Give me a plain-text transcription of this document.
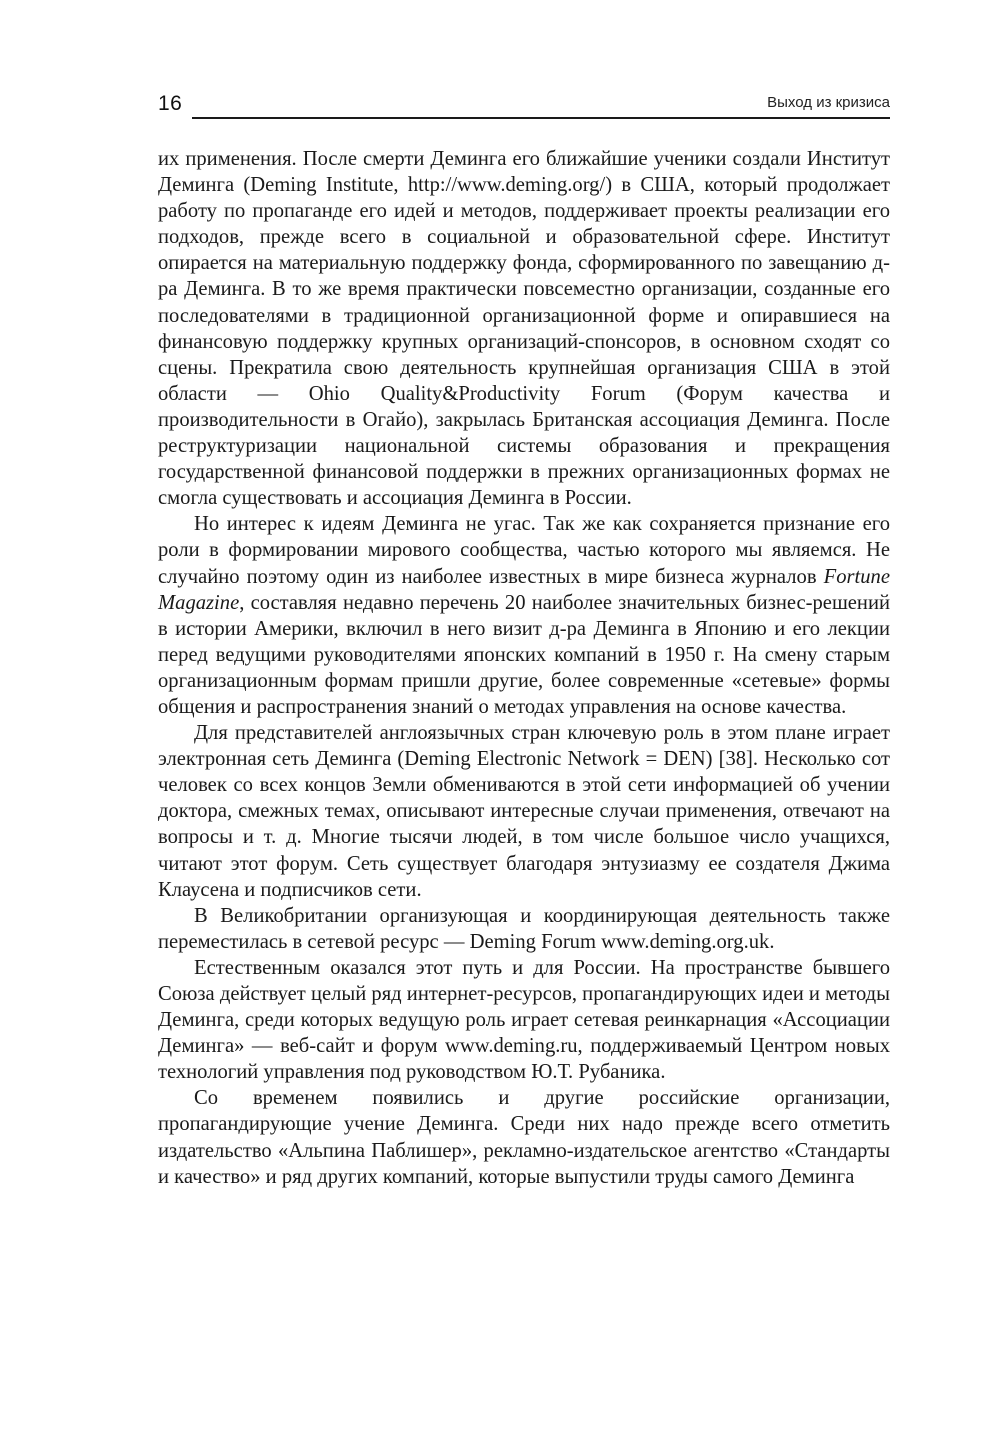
16	Выход из кризиса

их применения. После смерти Деминга его ближайшие ученики создали Институт Деминга (Deming Institute, http://www.deming.org/) в США, который продолжает работу по пропаганде его идей и методов, поддерживает проекты реализации его подходов, прежде всего в социальной и образовательной сфере. Институт опирается на материальную поддержку фонда, сформированного по завещанию д-ра Деминга. В то же время практически повсеместно организации, созданные его последователями в традиционной организационной форме и опиравшиеся на финансовую поддержку крупных организаций-спонсоров, в основном сходят со сцены. Прекратила свою деятельность крупнейшая организация США в этой области — Ohio Quality&Productivity Forum (Форум качества и производительности в Огайо), закрылась Британская ассоциация Деминга. После реструктуризации национальной системы образования и прекращения государственной финансовой поддержки в прежних организационных формах не смогла существовать и ассоциация Деминга в России.

Но интерес к идеям Деминга не угас. Так же как сохраняется признание его роли в формировании мирового сообщества, частью которого мы являемся. Не случайно поэтому один из наиболее известных в мире бизнеса журналов Fortune Magazine, составляя недавно перечень 20 наиболее значительных бизнес-решений в истории Америки, включил в него визит д-ра Деминга в Японию и его лекции перед ведущими руководителями японских компаний в 1950 г. На смену старым организационным формам пришли другие, более современные «сетевые» формы общения и распространения знаний о методах управления на основе качества.

Для представителей англоязычных стран ключевую роль в этом плане играет электронная сеть Деминга (Deming Electronic Network = DEN) [38]. Несколько сот человек со всех концов Земли обмениваются в этой сети информацией об учении доктора, смежных темах, описывают интересные случаи применения, отвечают на вопросы и т. д. Многие тысячи людей, в том числе большое число учащихся, читают этот форум. Сеть существует благодаря энтузиазму ее создателя Джима Клаусена и подписчиков сети.

В Великобритании организующая и координирующая деятельность также переместилась в сетевой ресурс — Deming Forum www.deming.org.uk.

Естественным оказался этот путь и для России. На пространстве бывшего Союза действует целый ряд интернет-ресурсов, пропагандирующих идеи и методы Деминга, среди которых ведущую роль играет сетевая реинкарнация «Ассоциации Деминга» — веб-сайт и форум www.deming.ru, поддерживаемый Центром новых технологий управления под руководством Ю.Т. Рубаника.

Со временем появились и другие российские организации, пропагандирующие учение Деминга. Среди них надо прежде всего отметить издательство «Альпина Паблишер», рекламно-издательское агентство «Стандарты и качество» и ряд других компаний, которые выпустили труды самого Деминга
